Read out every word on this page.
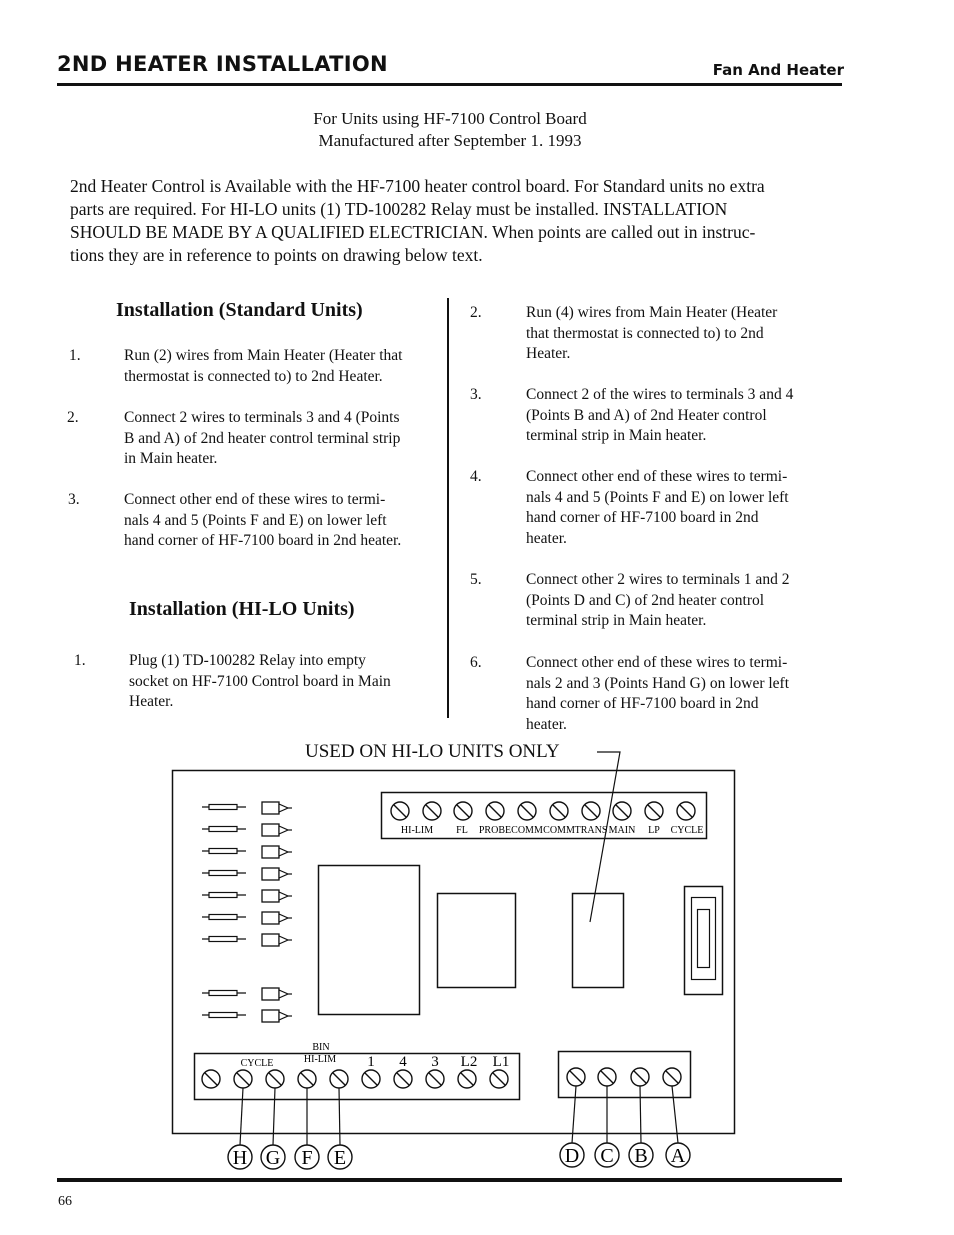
2ND HEATER INSTALLATION	Fan And Heater
For Units using HF-7100 Control Board
Manufactured after September 1. 1993
2nd Heater Control is Available with the HF-7100 heater control board. For Standard units no extra
parts are required. For HI-LO units (1) TD-100282 Relay must be installed. INSTALLATION
SHOULD BE MADE BY A QUALIFIED ELECTRICIAN. When points are called out in instruc-
tions they are in reference to points on drawing below text.
Installation (Standard Units)
1.	Run (2) wires from Main Heater (Heater that
thermostat is connected to) to 2nd Heater.
2.	Connect 2 wires to terminals 3 and 4 (Points
B and A) of 2nd heater control terminal strip
in Main heater.
3.	Connect other end of these wires to termi-
nals 4 and 5 (Points F and E) on lower left
hand corner of HF-7100 board in 2nd heater.
Installation (HI-LO Units)
1.	Plug (1) TD-100282 Relay into empty
socket on HF-7100 Control board in Main
Heater.
2.	Run (4) wires from Main Heater (Heater
that thermostat is connected to) to 2nd
Heater.
3.	Connect 2 of the wires to terminals 3 and 4
(Points B and A) of 2nd Heater control
terminal strip in Main heater.
4.	Connect other end of these wires to termi-
nals 4 and 5 (Points F and E) on lower left
hand corner of HF-7100 board in 2nd
heater.
5.	Connect other 2 wires to terminals 1 and 2
(Points D and C) of 2nd heater control
terminal strip in Main heater.
6.	Connect other end of these wires to termi-
nals 2 and 3 (Points Hand G) on lower left
hand corner of HF-7100 board in 2nd
heater.
USED ON HI-LO UNITS ONLY
HI-LIM FL PROBE COMM COMM TRANS MAIN LP CYCLE
CYCLE
BIN
HI-LIM 1 4 3 L2 L1
H G F E	D C B A
66
